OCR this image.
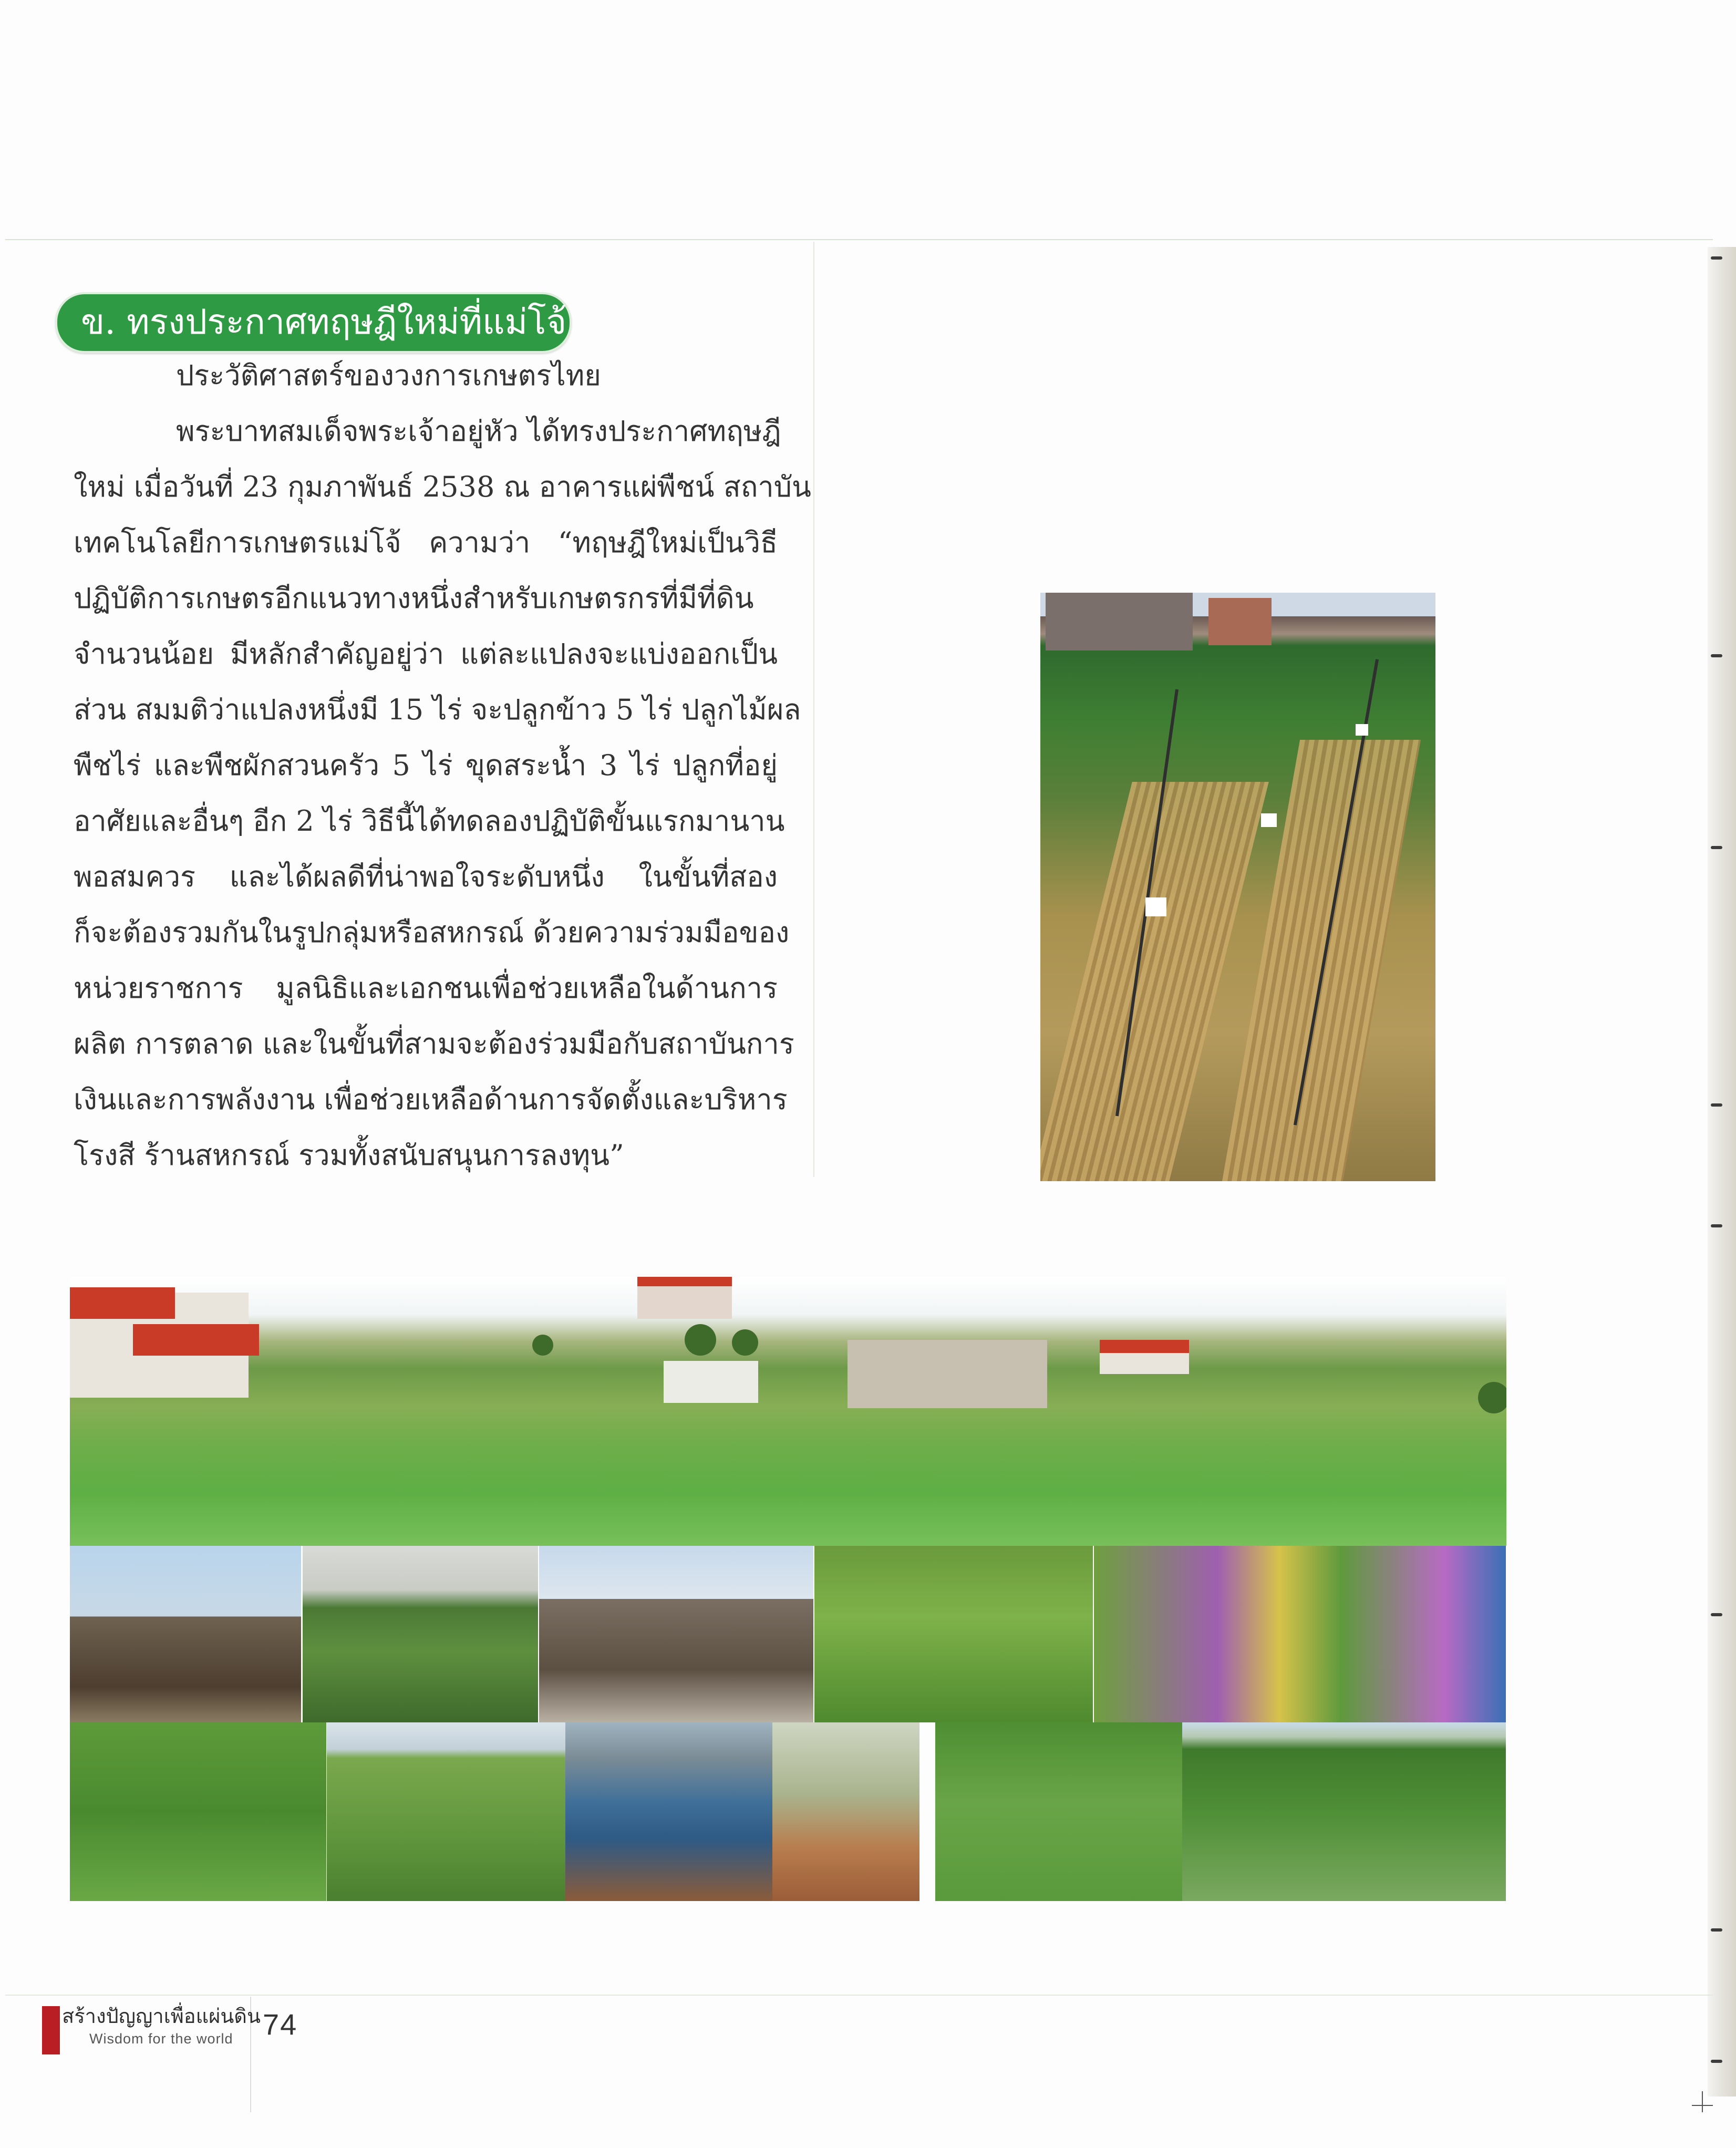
ข. ทรงประกาศทฤษฎีใหม่ที่แม่โจ้
ประวัติศาสตร์ของวงการเกษตรไทย
พระบาทสมเด็จพระเจ้าอยู่หัว ได้ทรงประกาศทฤษฎี
ใหม่ เมื่อวันที่ 23 กุมภาพันธ์ 2538 ณ อาคารแผ่พืชน์ สถาบัน
เทคโนโลยีการเกษตรแม่โจ้ ความว่า “ทฤษฎีใหม่เป็นวิธี
ปฏิบัติการเกษตรอีกแนวทางหนึ่งสำหรับเกษตรกรที่มีที่ดิน
จำนวนน้อย มีหลักสำคัญอยู่ว่า แต่ละแปลงจะแบ่งออกเป็น
ส่วน สมมติว่าแปลงหนึ่งมี 15 ไร่ จะปลูกข้าว 5 ไร่ ปลูกไม้ผล
พืชไร่ และพืชผักสวนครัว 5 ไร่ ขุดสระน้ำ 3 ไร่ ปลูกที่อยู่
อาศัยและอื่นๆ อีก 2 ไร่ วิธีนี้ได้ทดลองปฏิบัติขั้นแรกมานาน
พอสมควร และได้ผลดีที่น่าพอใจระดับหนึ่ง ในขั้นที่สอง
ก็จะต้องรวมกันในรูปกลุ่มหรือสหกรณ์ ด้วยความร่วมมือของ
หน่วยราชการ มูลนิธิและเอกชนเพื่อช่วยเหลือในด้านการ
ผลิต การตลาด และในขั้นที่สามจะต้องร่วมมือกับสถาบันการ
เงินและการพลังงาน เพื่อช่วยเหลือด้านการจัดตั้งและบริหาร
โรงสี ร้านสหกรณ์ รวมทั้งสนับสนุนการลงทุน”
สร้างปัญญาเพื่อแผ่นดิน
Wisdom for the world 74
